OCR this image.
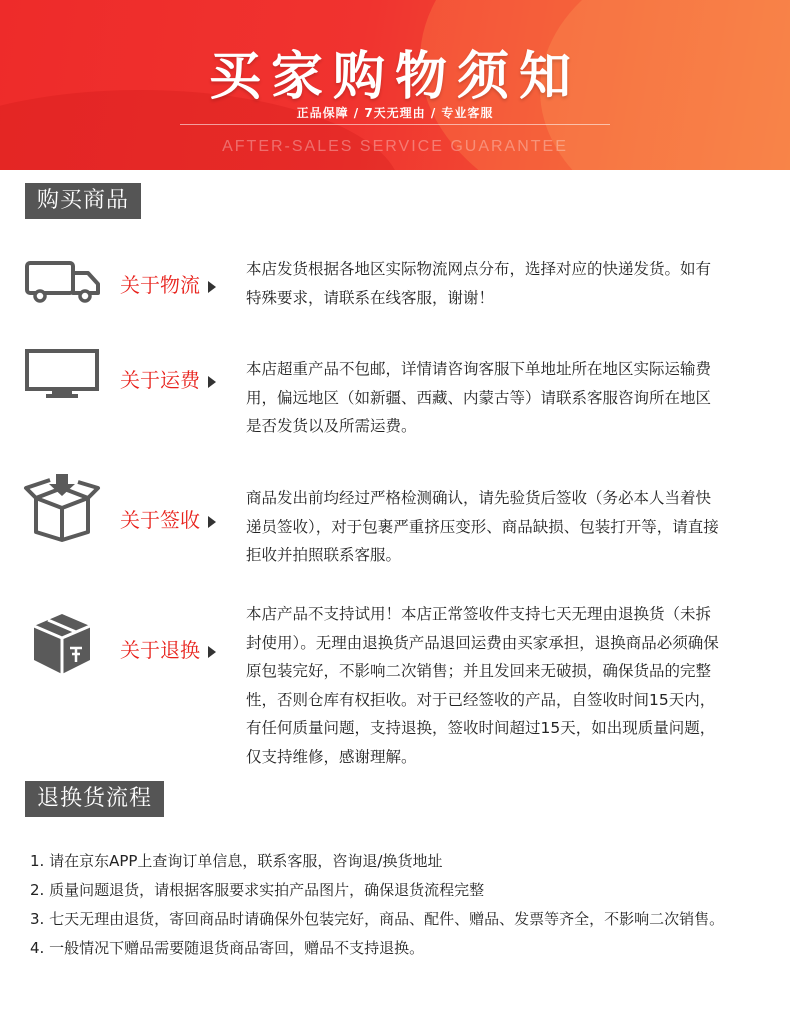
买家购物须知
正品保障 / 7天无理由 / 专业客服
AFTER-SALES SERVICE GUARANTEE
购买商品
关于物流
本店发货根据各地区实际物流网点分布，选择对应的快递发货。如有特殊要求，请联系在线客服，谢谢！
关于运费	本店超重产品不包邮，详情请咨询客服下单地址所在地区实际运输费用，偏远地区（如新疆、西藏、内蒙古等）请联系客服咨询所在地区是否发货以及所需运费。
关于签收
商品发出前均经过严格检测确认，请先验货后签收（务必本人当着快递员签收），对于包裹严重挤压变形、商品缺损、包装打开等，请直接拒收并拍照联系客服。
关于退换
本店产品不支持试用！本店正常签收件支持七天无理由退换货（未拆封使用）。无理由退换货产品退回运费由买家承担，退换商品必须确保原包装完好，不影响二次销售；并且发回来无破损，确保货品的完整性，否则仓库有权拒收。对于已经签收的产品，自签收时间15天内，有任何质量问题，支持退换，签收时间超过15天，如出现质量问题，仅支持维修，感谢理解。
退换货流程

1. 请在京东APP上查询订单信息，联系客服，咨询退/换货地址

2. 质量问题退货，请根据客服要求实拍产品图片，确保退货流程完整

3. 七天无理由退货，寄回商品时请确保外包装完好，商品、配件、赠品、发票等齐全，不影响二次销售。

4. 一般情况下赠品需要随退货商品寄回，赠品不支持退换。
